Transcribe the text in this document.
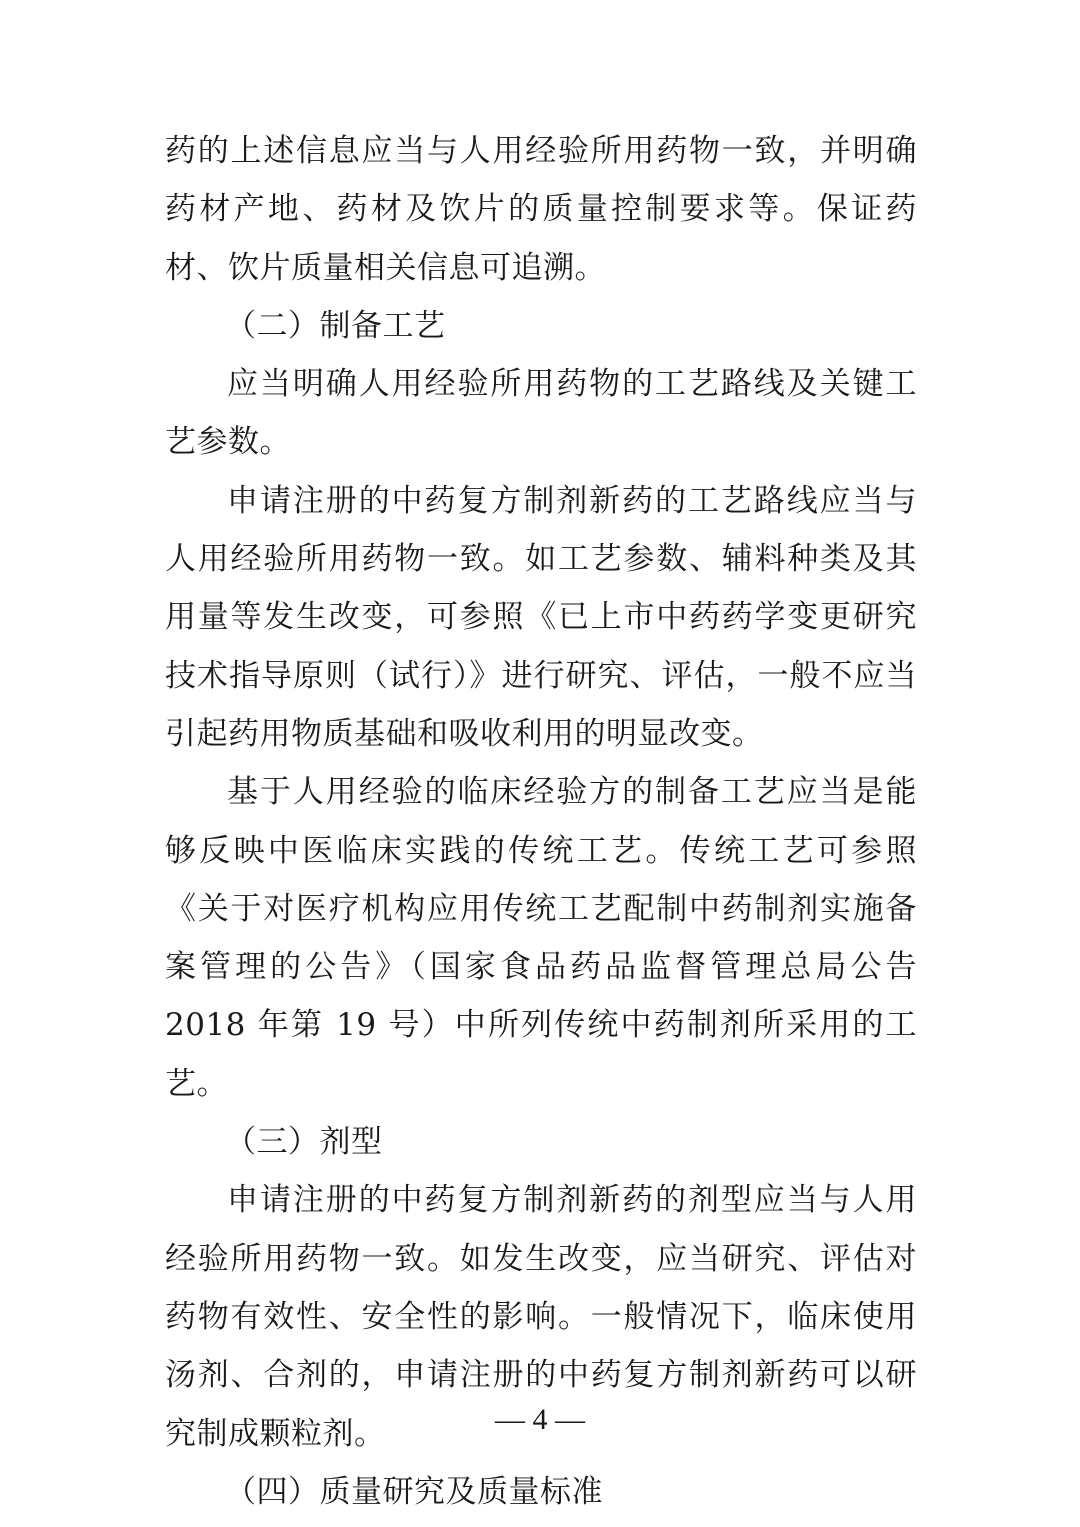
药的上述信息应当与人用经验所用药物一致，并明确药材产地、药材及饮片的质量控制要求等。保证药材、饮片质量相关信息可追溯。

（二）制备工艺

应当明确人用经验所用药物的工艺路线及关键工艺参数。

申请注册的中药复方制剂新药的工艺路线应当与人用经验所用药物一致。如工艺参数、辅料种类及其用量等发生改变，可参照《已上市中药药学变更研究技术指导原则（试行）》进行研究、评估，一般不应当引起药用物质基础和吸收利用的明显改变。

基于人用经验的临床经验方的制备工艺应当是能够反映中医临床实践的传统工艺。传统工艺可参照《关于对医疗机构应用传统工艺配制中药制剂实施备案管理的公告》（国家食品药品监督管理总局公告 2018 年第 19 号）中所列传统中药制剂所采用的工艺。

（三）剂型

申请注册的中药复方制剂新药的剂型应当与人用经验所用药物一致。如发生改变，应当研究、评估对药物有效性、安全性的影响。一般情况下，临床使用汤剂、合剂的，申请注册的中药复方制剂新药可以研究制成颗粒剂。

（四）质量研究及质量标准

— 4 —
